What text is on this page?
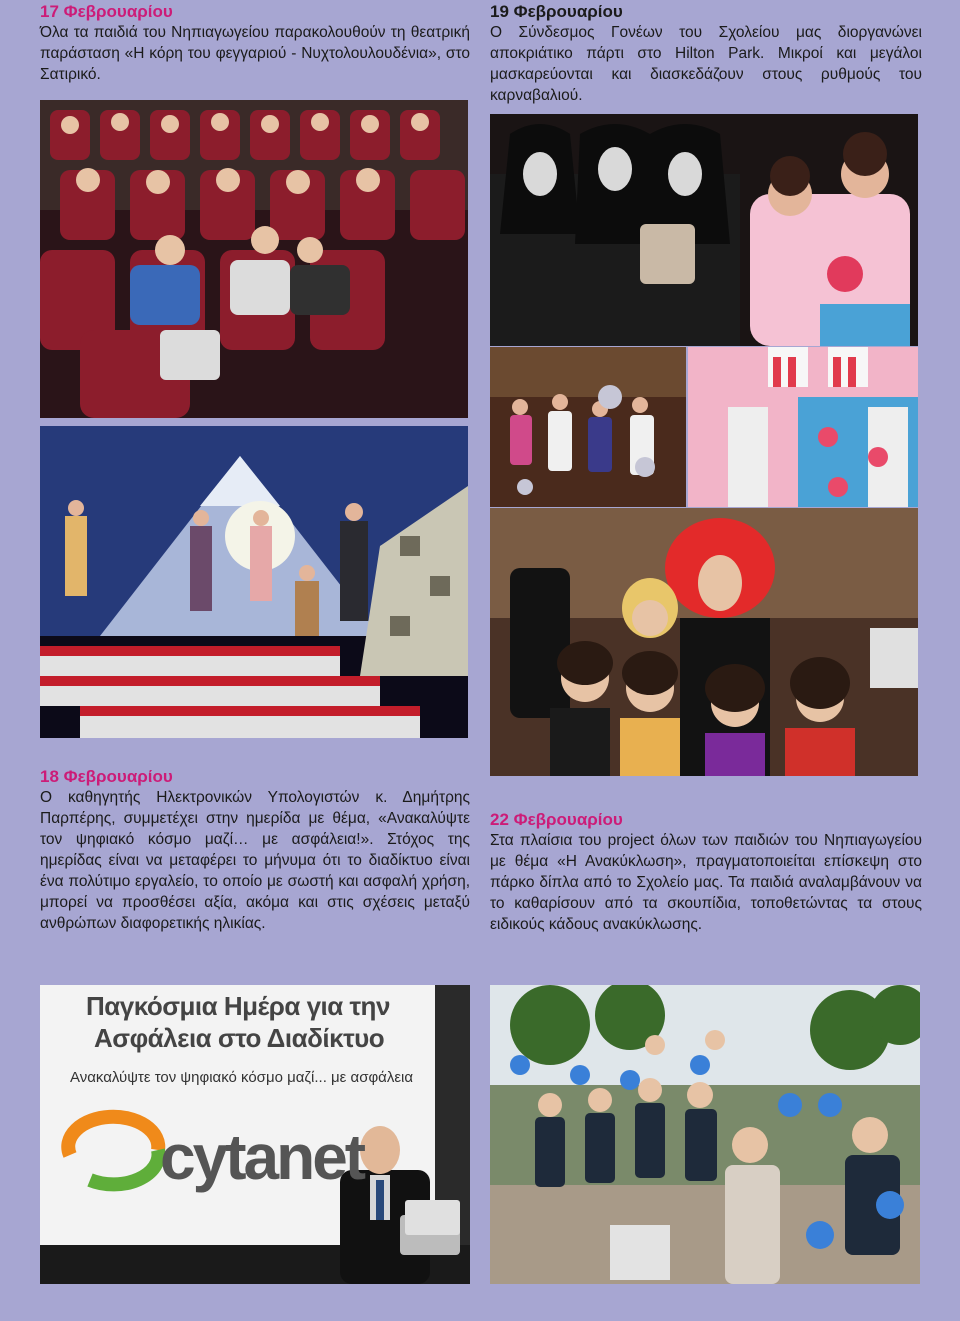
17 Φεβρουαρίου
Όλα τα παιδιά του Νηπιαγωγείου παρακολουθούν τη θεατρική παράσταση «Η κόρη του φεγγαριού - Νυχτολουλουδένια», στο Σατιρικό.
19 Φεβρουαρίου
Ο Σύνδεσμος Γονέων του Σχολείου μας διοργανώνει αποκριάτικο πάρτι στο Hilton Park. Μικροί και μεγάλοι μασκαρεύονται και διασκεδάζουν στους ρυθμούς του καρναβαλιού.
18 Φεβρουαρίου
Ο καθηγητής Ηλεκτρονικών Υπολογιστών κ. Δημήτρης Παρπέρης, συμμετέχει στην ημερίδα με θέμα, «Ανακαλύψτε τον ψηφιακό κόσμο μαζί… με ασφάλεια!». Στόχος της ημερίδας είναι να μεταφέρει το μήνυμα ότι το διαδίκτυο είναι ένα πολύτιμο εργαλείο, το οποίο με σωστή και ασφαλή χρήση, μπορεί να προσθέσει αξία, ακόμα και στις σχέσεις μεταξύ ανθρώπων διαφορετικής ηλικίας.
22 Φεβρουαρίου
Στα πλαίσια του project όλων των παιδιών του Νηπιαγωγείου με θέμα «Η Ανακύκλωση», πραγματοποιείται επίσκεψη στο πάρκο δίπλα από το Σχολείο μας. Τα παιδιά αναλαμβάνουν να το καθαρίσουν από τα σκουπίδια, τοποθετώντας τα στους ειδικούς κάδους ανακύκλωσης.
Παγκόσμια Ημέρα για την
Ασφάλεια στο Διαδίκτυο
Ανακαλύψτε τον ψηφιακό κόσμο μαζί... με ασφάλεια
cytanet
